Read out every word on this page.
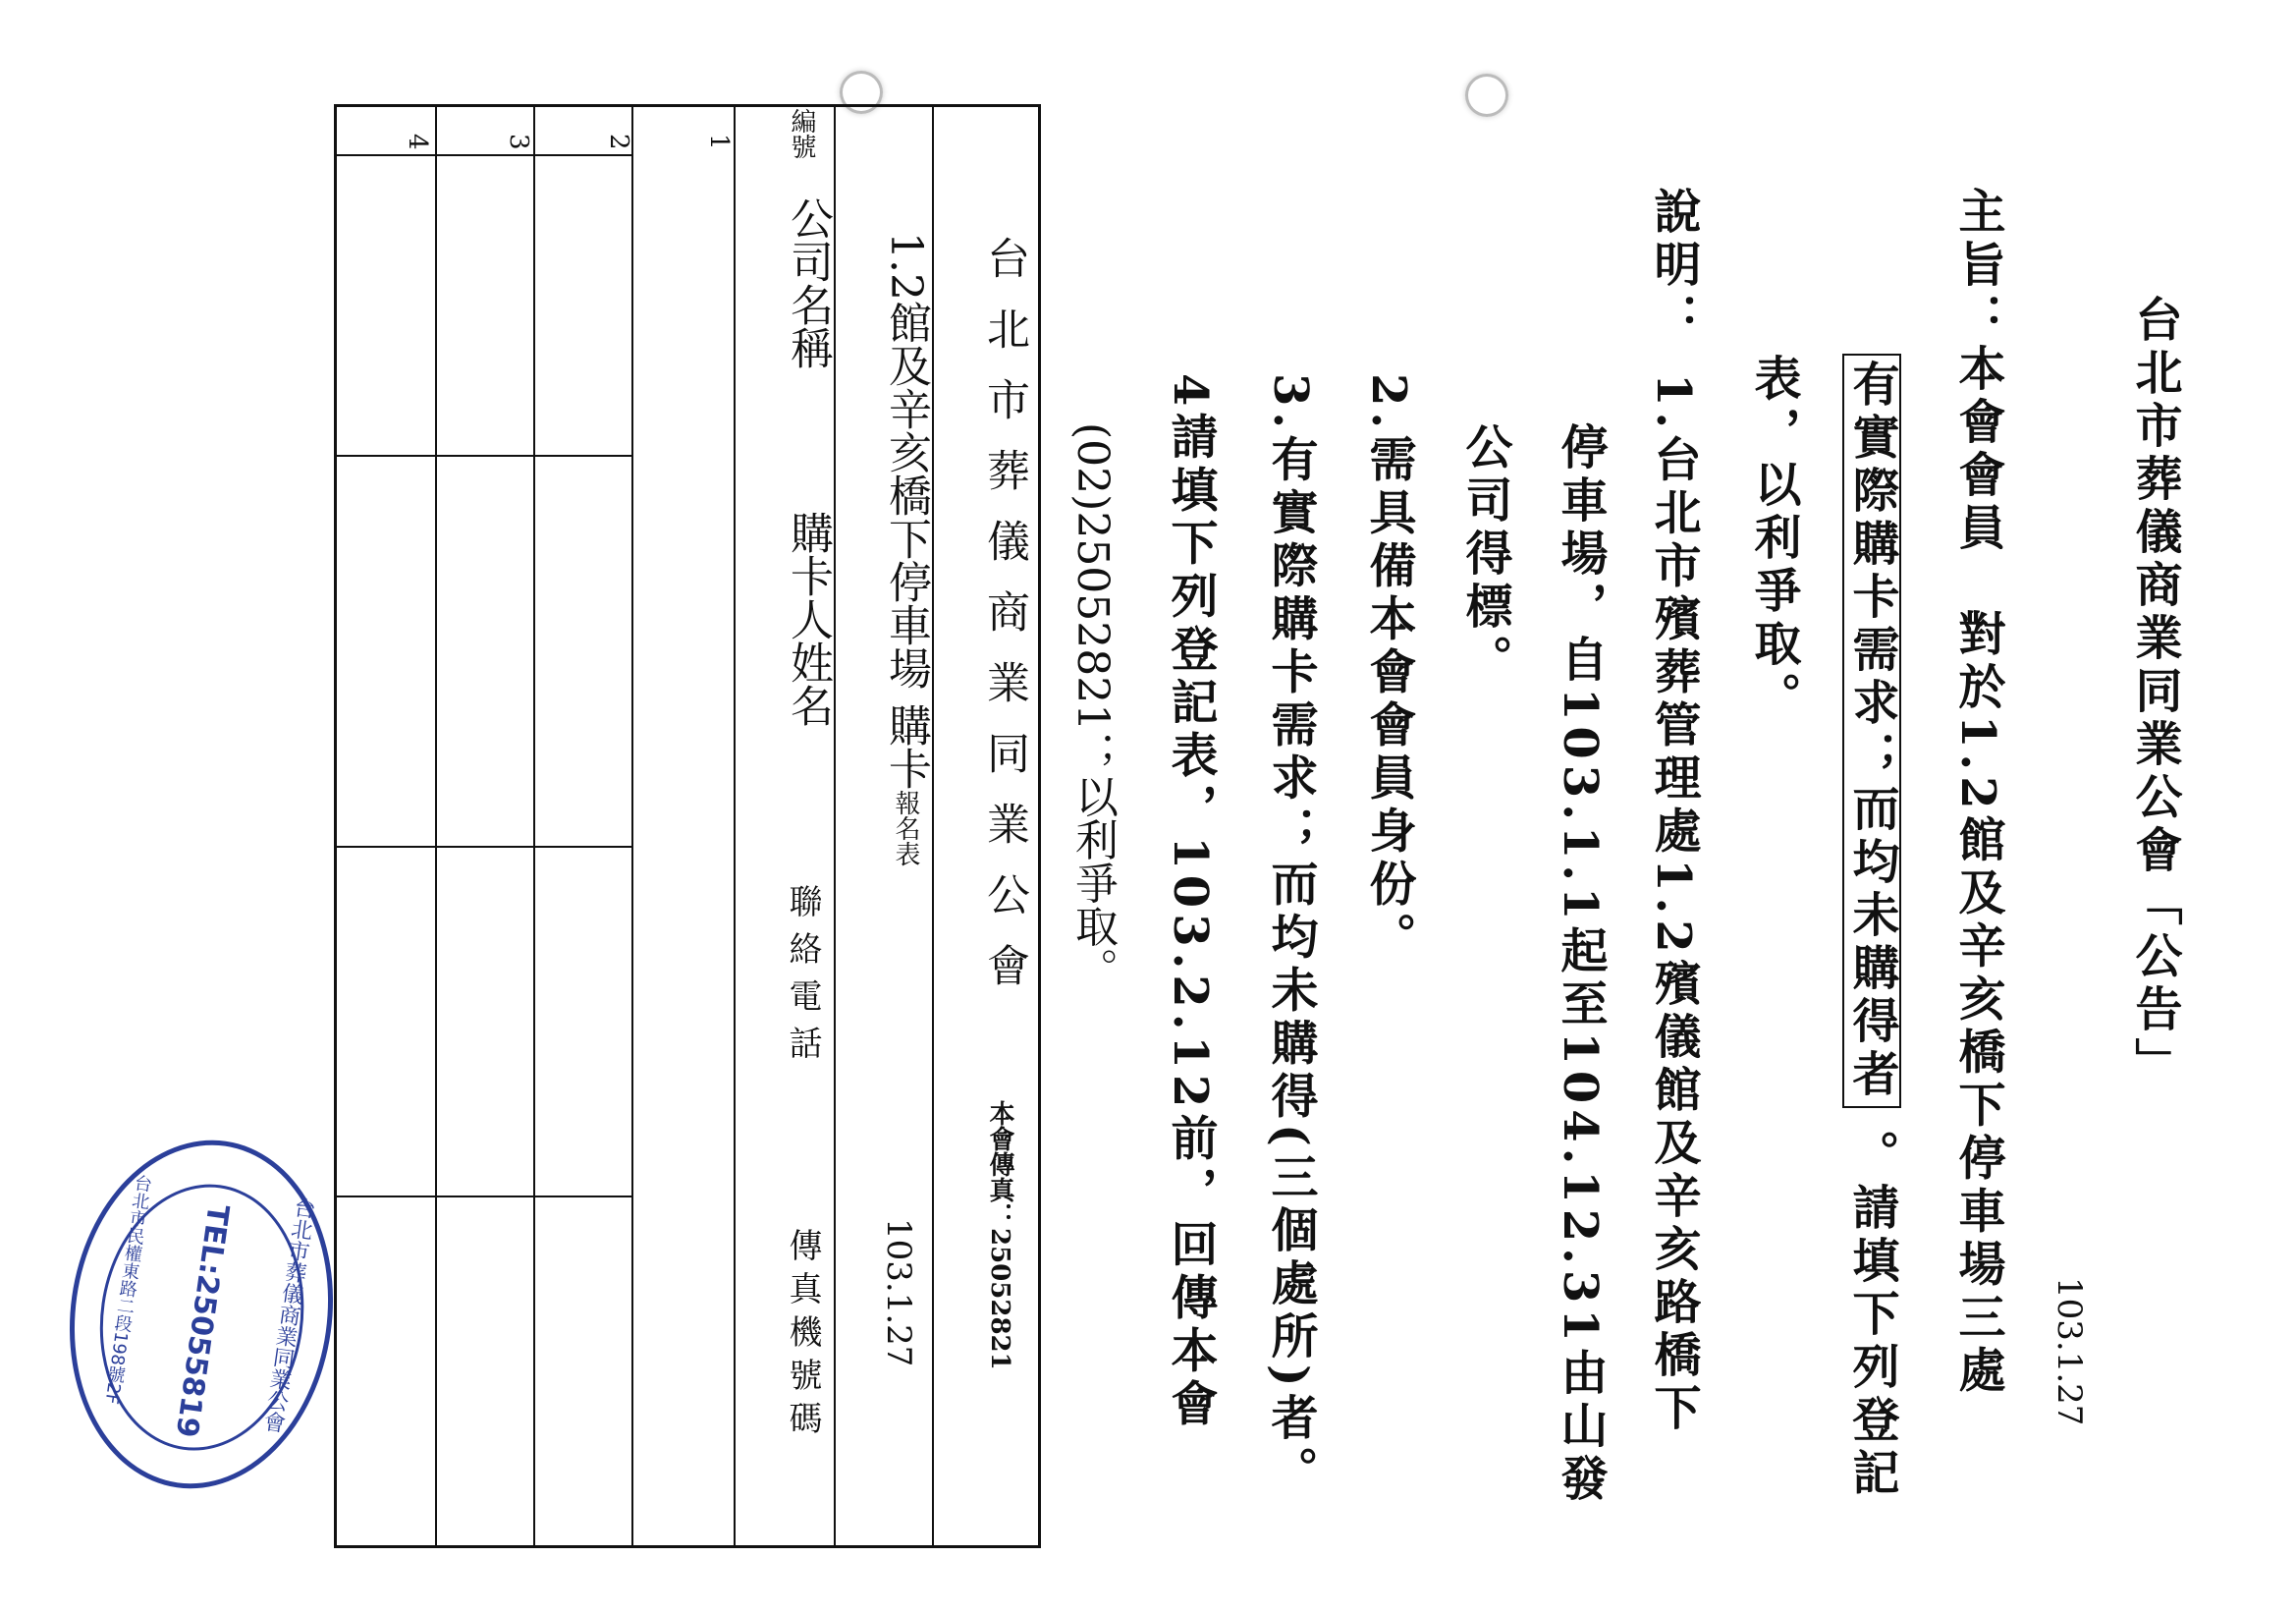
台北市葬儀商業同業公會「公告」
103.1.27
主旨：
本會會員　對於1.2館及辛亥橋下停車場三處
有實際購卡需求；而均未購得者
。請填下列登記
表，以利爭取。
說明：
1.台北市殯葬管理處1.2殯儀館及辛亥路橋下
停車場，自103.1.1起至104.12.31由山發
公司得標。
2.需具備本會會員身份。
3.有實際購卡需求；而均未購得(三個處所)者。
4請填下列登記表，103.2.12前，回傳本會
(02)25052821；以利爭取。
台北市葬儀商業同業公會
本會傳真：25052821
1.2館及辛亥橋下停車場 購卡報名表
103.1.27
編號
公司名稱
購卡人姓名
聯絡電話
傳真機號碼
1
2
3
4
台北市葬儀商業同業公會
TEL:25055819
台北市民權東路二段198號2F
